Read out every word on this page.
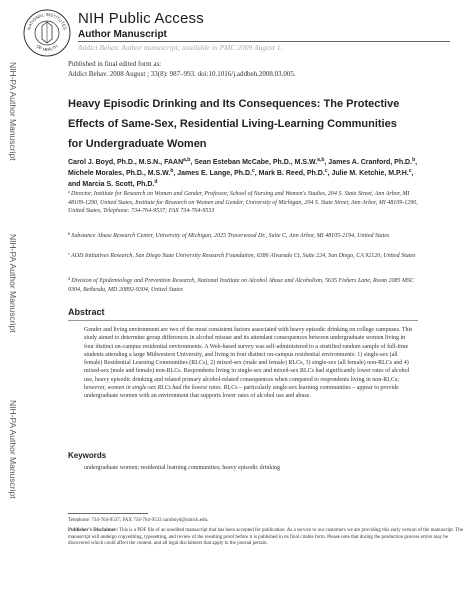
NATIONAL INSTITUTES
OF HEALTH
NIH Public Access
Author Manuscript
Addict Behav. Author manuscript; available in PMC 2009 August 1.
Published in final edited form as:
Addict Behav. 2008 August ; 33(8): 987–993. doi:10.1016/j.addbeh.2008.03.005.
NIH-PA Author Manuscript
NIH-PA Author Manuscript
NIH-PA Author Manuscript
Heavy Episodic Drinking and Its Consequences: The Protective
Effects of Same-Sex, Residential Living-Learning Communities
for Undergraduate Women
Carol J. Boyd, Ph.D., M.S.N., FAAN$^{a,b}$, Sean Esteban McCabe, Ph.D., M.S.W.$^{a,b}$, James A. Cranford, Ph.D.$^b$, Michele Morales, Ph.D., M.S.W.$^b$, James E. Lange, Ph.D.$^c$, Mark B. Reed, Ph.D.$^c$, Julie M. Ketchie, M.P.H.$^c$, and Marcia S. Scott, Ph.D.$^d$
$^a$Director, Institute for Research on Women and Gender, Professor, School of Nursing and Women's Studies, 204 S. State Street, Ann Arbor, MI 48109-1290, United States, Institute for Research on Women and Gender, University of Michigan, 204 S. State Street, Ann Arbor, MI 48109-1290, United States, Telephone: 734-764-9537; FAX 734-764-9533
$^b$Substance Abuse Research Center, University of Michigan, 2025 Traverwood Dr., Suite C, Ann Arbor, MI 48105-2194, United States
$^c$AOD Initiatives Research, San Diego State University Research Foundation, 6386 Alvarado Ct, Suite 224, San Diego, CA 92120, United States
$^d$Division of Epidemiology and Prevention Research, National Institute on Alcohol Abuse and Alcoholism, 5635 Fishers Lane, Room 2085 MSC 9304, Bethesda, MD 20892-9304, United States
Abstract
Gender and living environment are two of the most consistent factors associated with heavy episodic drinking on college campuses. This study aimed to determine group differences in alcohol misuse and its attendant consequences between undergraduate women living in four distinct on-campus residential environments. A Web-based survey was self-administered to a stratified random sample of full-time students attending a large Midwestern University, and living in four distinct on-campus residential environments: 1) single-sex (all female) Residential Learning Communities (RLCs), 2) mixed-sex (male and female) RLCs, 3) single-sex (all female) non-RLCs and 4) mixed-sex (male and female) non-RLCs. Respondents living in single-sex and mixed-sex RLCs had significantly lower rates of alcohol use, heavy episodic drinking and related primary alcohol-related consequences when compared to respondents living in non-RLCs; however, women in single-sex RLCs had the lowest rates. RLCs – particularly single-sex learning communities – appear to provide undergraduate women with an environment that supports lower rates of alcohol use and abuse.
Keywords
undergraduate women; residential learning communities; heavy episodic drinking
Telephone: 734-764-9537; FAX 734-764-9533 caroboyd@umich.edu.
Publisher's Disclaimer: This is a PDF file of an unedited manuscript that has been accepted for publication. As a service to our customers we are providing this early version of the manuscript. The manuscript will undergo copyediting, typesetting, and review of the resulting proof before it is published in its final citable form. Please note that during the production process errors may be discovered which could affect the content, and all legal disclaimers that apply to the journal pertain.
